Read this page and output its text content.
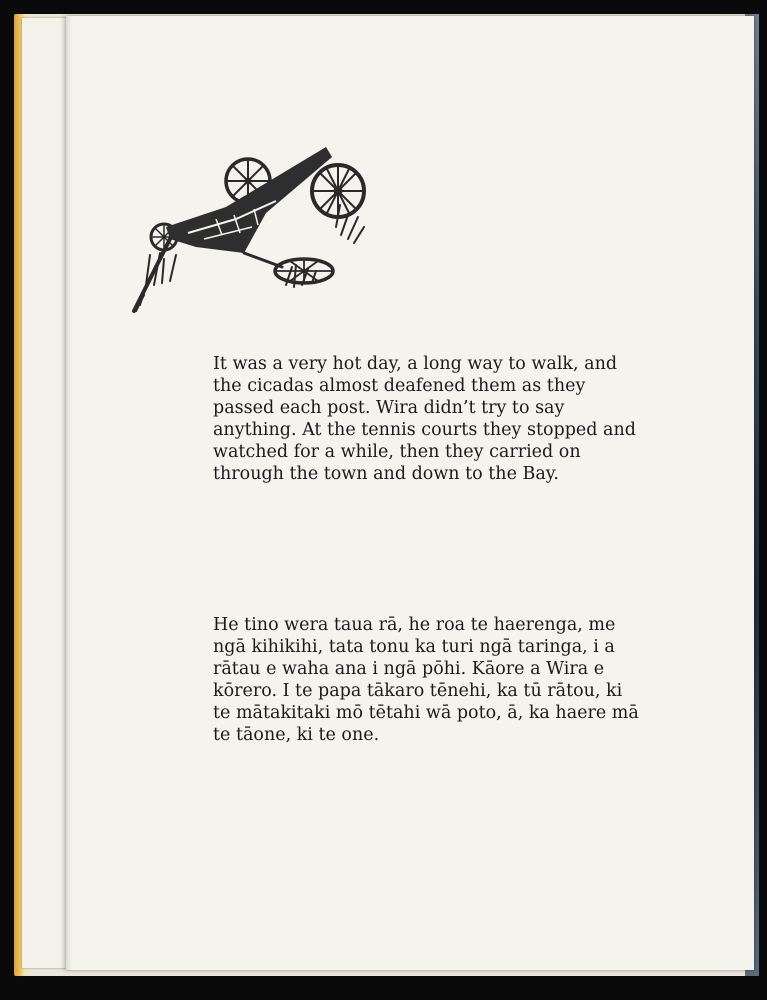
It was a very hot day, a long way to walk, and the cicadas almost deafened them as they passed each post. Wira didn’t try to say anything. At the tennis courts they stopped and watched for a while, then they carried on through the town and down to the Bay.

He tino wera taua rā, he roa te haerenga, me ngā kihikihi, tata tonu ka turi ngā taringa, i a rātau e waha ana i ngā pōhi. Kāore a Wira e kōrero. I te papa tākaro tēnehi, ka tū rātou, ki te mātakitaki mō tētahi wā poto, ā, ka haere mā te tāone, ki te one.
